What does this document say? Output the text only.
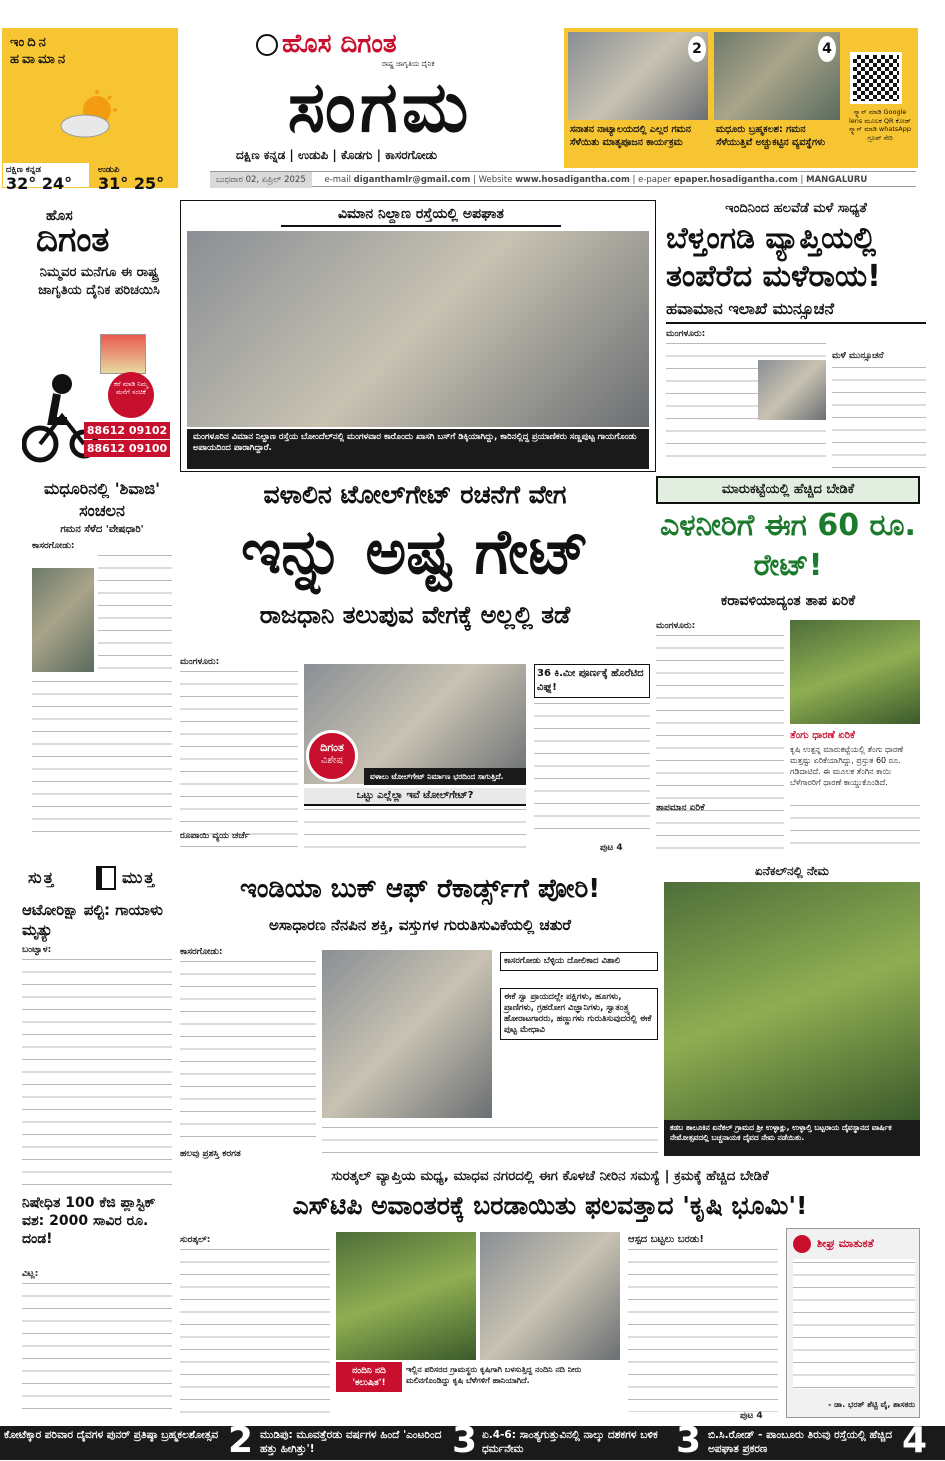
ಇಂದಿನ ಹವಾಮಾನ
ದಕ್ಷಿಣ ಕನ್ನಡ
32° 24°
ಉಡುಪಿ
31° 25°
ಹೊಸ ದಿಗಂತ
ರಾಷ್ಟ್ರ ಜಾಗೃತಿಯ ದೈನಿಕ
ಸಂಗಮ
ದಕ್ಷಿಣ ಕನ್ನಡ | ಉಡುಪಿ | ಕೊಡಗು | ಕಾಸರಗೋಡು
ಬುಧವಾರ 02, ಏಪ್ರಿಲ್ 2025 e-mail diganthamlr@gmail.com | Website www.hosadigantha.com | e-paper epaper.hosadigantha.com | MANGALURU
2
ಸನಾತನ ನಾಟ್ಯಾಲಯದಲ್ಲಿ ಎಲ್ಲರ ಗಮನ ಸೆಳೆಯಿತು ಮಾತೃಪೂಜನ ಕಾರ್ಯಕ್ರಮ
4
ಮಧೂರು ಬ್ರಹ್ಮಕಲಶ: ಗಮನ ಸೆಳೆಯುತ್ತಿವೆ ಅಚ್ಚುಕಟ್ಟಿನ ವ್ಯವಸ್ಥೆಗಳು
ಸ್ಕ್ಯಾನ್ ಮಾಡಿ Google lens ಮೂಲಕ QR ಕೋಡ್ ಸ್ಕ್ಯಾನ್ ಮಾಡಿ whatsApp ಗ್ರೂಪ್ ಸೇರಿ
ಹೊಸ
ದಿಗಂತ
ನಿಮ್ಮವರ ಮನೆಗೂ ಈ ರಾಷ್ಟ್ರ ಜಾಗೃತಿಯ ದೈನಿಕ ಪರಿಚಯಿಸಿ
ಕರೆ ಮಾಡಿ ನಿಮ್ಮ ಮನೆಗೆ ಸಂಚಿಕೆ
88612 09102
88612 09100
ವಿಮಾನ ನಿಲ್ದಾಣ ರಸ್ತೆಯಲ್ಲಿ ಅಪಘಾತ
ಮಂಗಳೂರಿನ ವಿಮಾನ ನಿಲ್ದಾಣ ರಸ್ತೆಯ ಬೋಂದೆಲ್‌ನಲ್ಲಿ ಮಂಗಳವಾರ ಕಾರೊಂದು ಖಾಸಗಿ ಬಸ್‌ಗೆ ಡಿಕ್ಕಿಯಾಗಿದ್ದು, ಕಾರಿನಲ್ಲಿದ್ದ ಪ್ರಯಾಣಿಕರು ಸಣ್ಣಪುಟ್ಟ ಗಾಯಗೊಂಡು ಅಪಾಯದಿಂದ ಪಾರಾಗಿದ್ದಾರೆ.
ಇಂದಿನಿಂದ ಹಲವೆಡೆ ಮಳೆ ಸಾಧ್ಯತೆ
ಬೆಳ್ತಂಗಡಿ ವ್ಯಾಪ್ತಿಯಲ್ಲಿ ತಂಪೆರೆದ ಮಳೆರಾಯ!
ಹವಾಮಾನ ಇಲಾಖೆ ಮುನ್ಸೂಚನೆ
ಮಂಗಳೂರು:
ಮಳೆ ಮುನ್ಸೂಚನೆ
ಮಧೂರಿನಲ್ಲಿ 'ಶಿವಾಜಿ' ಸಂಚಲನ
ಗಮನ ಸೆಳೆದ 'ವೇಷಧಾರಿ'
ಕಾಸರಗೋಡು:
ವಳಾಲಿನ ಟೋಲ್‌ಗೇಟ್ ರಚನೆಗೆ ವೇಗ
ಇನ್ನು ಅಷ್ಟ ಗೇಟ್
ರಾಜಧಾನಿ ತಲುಪುವ ವೇಗಕ್ಕೆ ಅಲ್ಲಲ್ಲಿ ತಡೆ
ಮಂಗಳೂರು:
ದಿಗಂತ
ವಿಶೇಷ
ವಳಾಲು ಟೋಲ್‌ಗೇಟ್ ನಿರ್ಮಾಣ ಭರದಿಂದ ಸಾಗುತ್ತಿದೆ.
ಒಟ್ಟು ಎಲ್ಲೆಲ್ಲಾ ಇವೆ ಟೋಲ್‌ಗೇಟ್?
36 ಕಿ.ಮೀ ಪೂರ್ಣಕ್ಕೆ ಹೊರೆಟಿದ ವಿಘ್ನ!
ರೂಪಾಯಿ ವ್ಯಯ ಚರ್ಚೆ
ಪುಟ 4
ಮಾರುಕಟ್ಟೆಯಲ್ಲಿ ಹೆಚ್ಚಿದ ಬೇಡಿಕೆ
ಎಳನೀರಿಗೆ ಈಗ 60 ರೂ. ರೇಟ್!
ಕರಾವಳಿಯಾದ್ಯಂತ ತಾಪ ಏರಿಕೆ
ಮಂಗಳೂರು:
ತೆಂಗು ಧಾರಣೆ ಏರಿಕೆ
ಕೃಷಿ ಉತ್ಪನ್ನ ಮಾರುಕಟ್ಟೆಯಲ್ಲಿ ತೆಂಗು ಧಾರಣೆ ಮತ್ತಷ್ಟು ಏರಿಕೆಯಾಗಿದ್ದು, ಪ್ರಸ್ತುತ 60 ರೂ. ಗಡಿದಾಟಿದೆ. ಈ ಮೂಲಕ ತೆಂಗಿನ ಕಾಯಿ ಬೆಳೆಗಾರರಿಗೆ ಧಾರಣೆ ಕಾಯ್ದುಕೊಂಡಿದೆ.
ತಾಪಮಾನ ಏರಿಕೆ
ಸುತ್ತ	ಮುತ್ತ
ಆಟೋರಿಕ್ಷಾ ಪಲ್ಟಿ: ಗಾಯಾಳು ಮೃತ್ಯು
ಬಂಟ್ವಾಳ:
ನಿಷೇಧಿತ 100 ಕೆಜಿ ಪ್ಲಾಸ್ಟಿಕ್ ವಶ: 2000 ಸಾವಿರ ರೂ. ದಂಡ!
ವಿಟ್ಲ:
ಇಂಡಿಯಾ ಬುಕ್ ಆಫ್ ರೆಕಾರ್ಡ್ಸ್‌ಗೆ ಪೋರಿ!
ಅಸಾಧಾರಣ ನೆನಪಿನ ಶಕ್ತಿ, ವಸ್ತುಗಳ ಗುರುತಿಸುವಿಕೆಯಲ್ಲಿ ಚತುರೆ
ಕಾಸರಗೋಡು:
ಕಾಸರಗೋಡು ಬೆಳ್ಳಿಯ ದೋಲಿಕಾದ ವಿಶಾಲಿ
ಈಕೆ ಸ್ವಾ ಪ್ರಾಯದಲ್ಲೇ ಪಕ್ಷಿಗಳು, ಹೂಗಳು, ಪ್ರಾಣಿಗಳು, ಗ್ರಹರೋಗ ವಿಜ್ಞಾನಿಗಳು, ಸ್ವಾತಂತ್ರ್ಯ ಹೋರಾಟಗಾರರು, ಹಣ್ಣುಗಳು ಗುರುತಿಸುವುದರಲ್ಲಿ ಈಕೆ ಪುಟ್ಟ ಮೇಧಾವಿ
ಹಲವು ಪ್ರಶಸ್ತಿ ಕರಗತ
ಏನೆಕಲ್‌ನಲ್ಲಿ ನೇಮ
ಕಡಬ ತಾಲೂಕಿನ ಏನೆಕಲ್ ಗ್ರಾಮದ ಶ್ರೀ ಉಳ್ಳಾಕ್ಲು, ಉಳ್ಳಾಲ್ತಿ ಬಟ್ಟರಾಯ ದೈವಸ್ಥಾನದ ವಾರ್ಷಿಕ ನೇಮೋತ್ಸವದಲ್ಲಿ ಬಚ್ಚನಾಯಕ ದೈವದ ನೇಮ ನಡೆಯಿತು.
ಸುರತ್ಕಲ್ ವ್ಯಾಪ್ತಿಯ ಮಧ್ಯ, ಮಾಧವ ನಗರದಲ್ಲಿ ಈಗ ಕೊಳಚೆ ನೀರಿನ ಸಮಸ್ಯೆ | ಕ್ರಮಕ್ಕೆ ಹೆಚ್ಚಿದ ಬೇಡಿಕೆ
ಎಸ್‌ಟಿಪಿ ಅವಾಂತರಕ್ಕೆ ಬರಡಾಯಿತು ಫಲವತ್ತಾದ 'ಕೃಷಿ ಭೂಮಿ'!
ಸುರತ್ಕಲ್:
ನಂದಿನಿ ನದಿ 'ಕಲುಷಿತ'!
ಇಲ್ಲಿನ ಪರಿಸರದ ಗ್ರಾಮಸ್ಥರು ಕೃಷಿಗಾಗಿ ಬಳಸುತ್ತಿದ್ದ ನಂದಿನಿ ನದಿ ನೀರು ಮಲಿನಗೊಂಡಿದ್ದು ಕೃಷಿ ಬೆಳೆಗಳಿಗೆ ಹಾನಿಯಾಗಿದೆ.
ಆಸ್ಪದ ಬಟ್ಟಲು ಬರಡು!
ಪುಟ 4
ಶೀಘ್ರ ಮಾತುಕತೆ
- ಡಾ. ಭರತ್ ಶೆಟ್ಟಿ ವೈ, ಶಾಸಕರು
ಕೋಟೆಕ್ಕಾರ ಪರಿವಾರ ದೈವಗಳ ಪುನರ್ ಪ್ರತಿಷ್ಠಾ ಬ್ರಹ್ಮಕಲಶೋತ್ಸವ 2 ಮುಡಿಪು: ಮೂವತ್ತೆರಡು ವರ್ಷಗಳ ಹಿಂದೆ 'ಎಂಟರಿಂದ ಹತ್ತು ಹೀಗಿತ್ತು'!	3 ಏ.4-6: ಸಾಂತ್ಯಗುತ್ತುವಿನಲ್ಲಿ ನಾಲ್ಕು ದಶಕಗಳ ಬಳಿಕ ಧರ್ಮನೇಮ	3 ಬಿ.ಸಿ.ರೋಡ್ - ಪಾಂಬೂರು ತಿರುವು ರಸ್ತೆಯಲ್ಲಿ ಹೆಚ್ಚಿದ ಅಪಘಾತ ಪ್ರಕರಣ	4
